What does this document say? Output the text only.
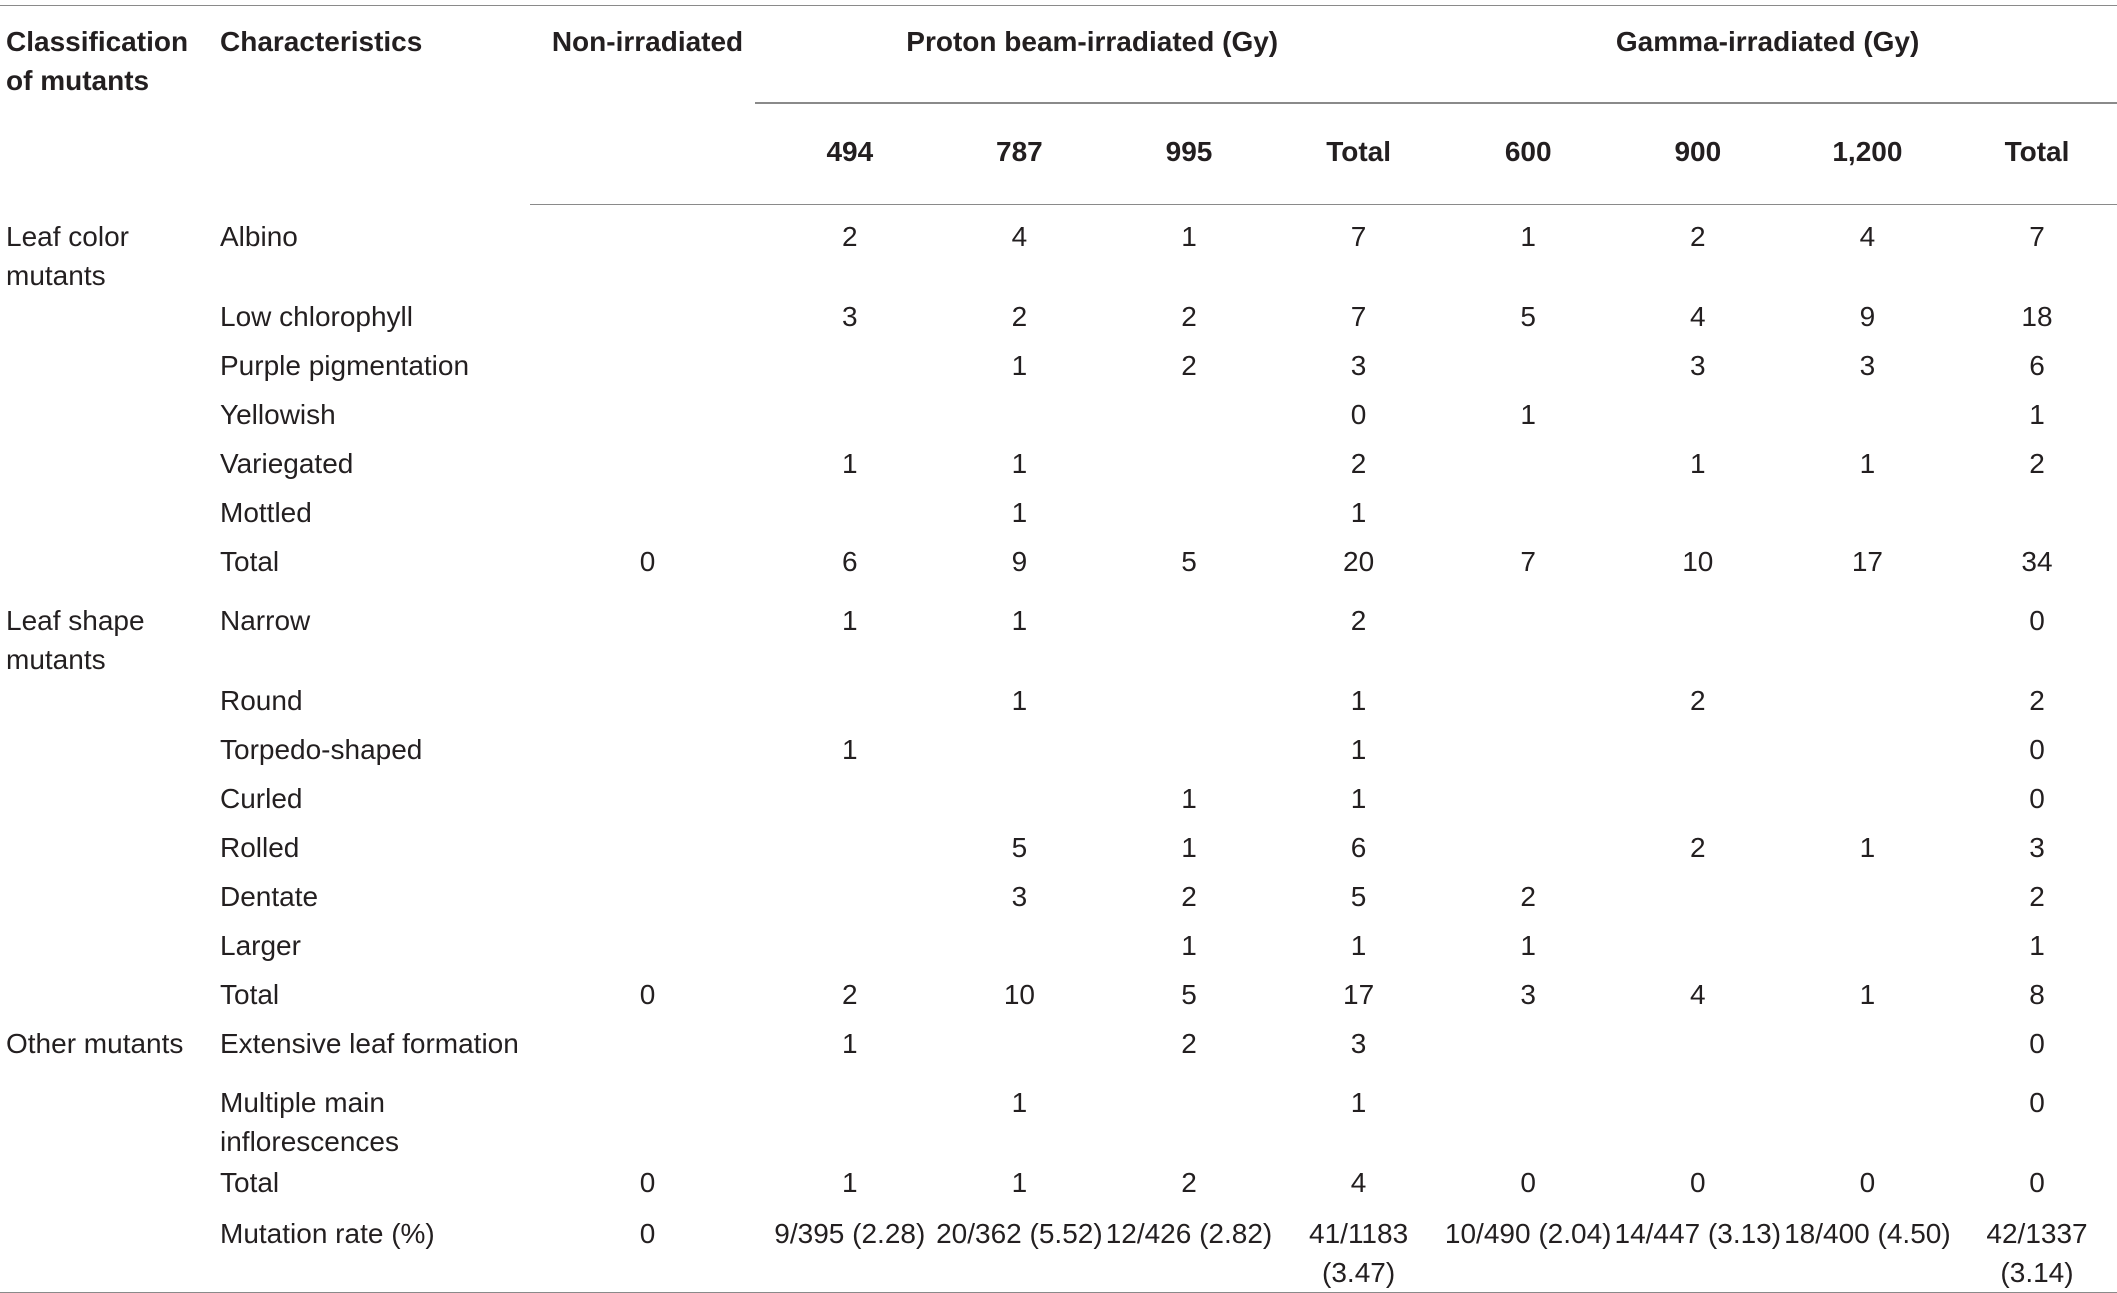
Classification of mutants	Characteristics	Non-irradiated	Proton beam-irradiated (Gy)				Gamma-irradiated (Gy)			

			494	787	995	Total	600	900	1,200	Total
Leaf color mutants	Albino		2	4	1	7	1	2	4	7
	Low chlorophyll		3	2	2	7	5	4	9	18
	Purple pigmentation			1	2	3		3	3	6
	Yellowish					0	1			1
	Variegated		1	1		2		1	1	2
	Mottled			1		1				
	Total	0	6	9	5	20	7	10	17	34
Leaf shape mutants	Narrow		1	1		2				0
	Round			1		1		2		2
	Torpedo-shaped		1			1				0
	Curled				1	1				0
	Rolled			5	1	6		2	1	3
	Dentate			3	2	5	2			2
	Larger				1	1	1			1
	Total	0	2	10	5	17	3	4	1	8
Other mutants	Extensive leaf formation		1		2	3				0
	Multiple main inflorescences			1		1				0
	Total	0	1	1	2	4	0	0	0	0
	Mutation rate (%)	0	9/395 (2.28)	20/362 (5.52)	12/426 (2.82)	41/1183 (3.47)	10/490 (2.04)	14/447 (3.13)	18/400 (4.50)	42/1337 (3.14)
